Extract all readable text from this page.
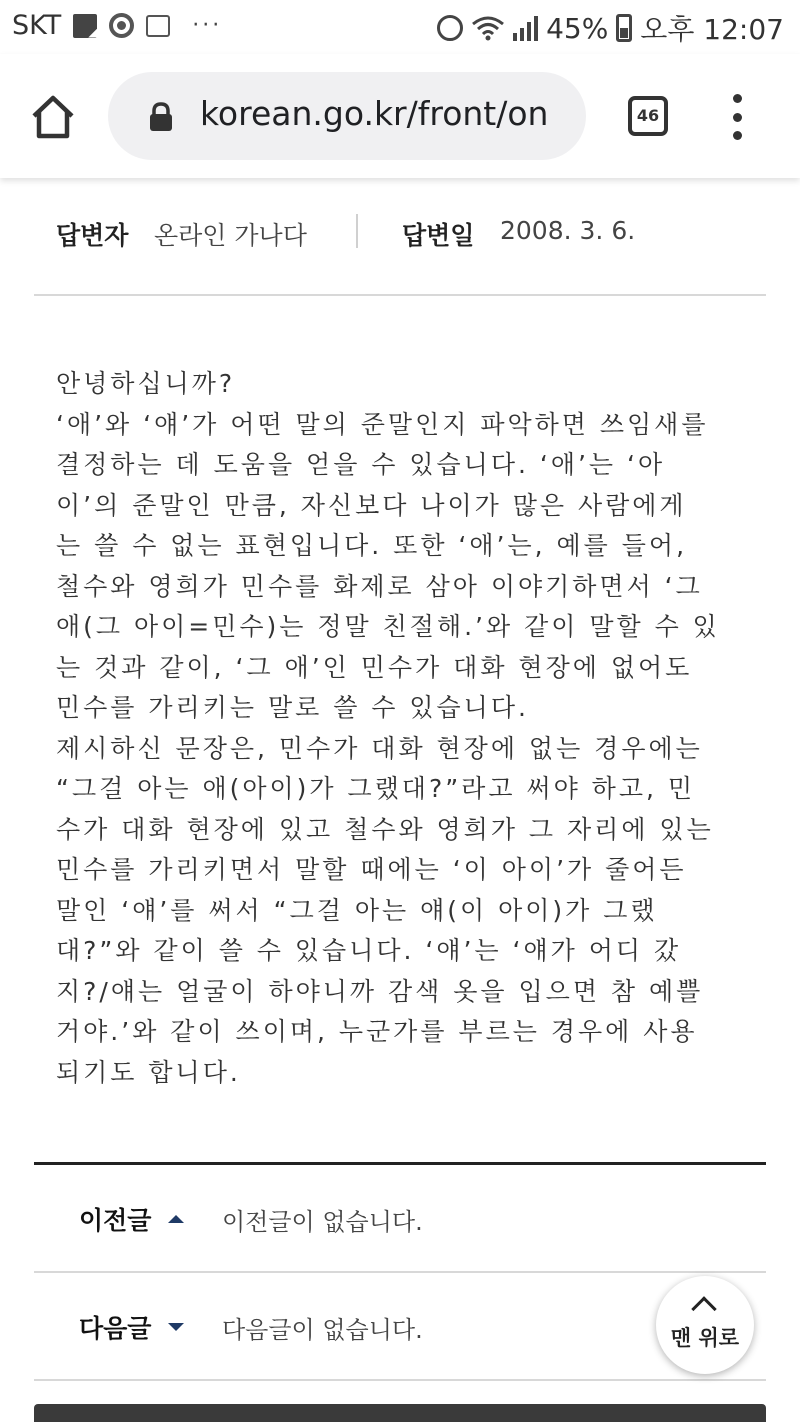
SKT	···	45% 오후 12:07
korean.go.kr/front/on	46
답변자 온라인 가나다	답변일 2008. 3. 6.

안녕하십니까?

‘애’와 ‘얘’가 어떤 말의 준말인지 파악하면 쓰임새를

결정하는 데 도움을 얻을 수 있습니다. ‘애’는 ‘아

이’의 준말인 만큼, 자신보다 나이가 많은 사람에게

는 쓸 수 없는 표현입니다. 또한 ‘애’는, 예를 들어,

철수와 영희가 민수를 화제로 삼아 이야기하면서 ‘그

애(그 아이=민수)는 정말 친절해.’와 같이 말할 수 있

는 것과 같이, ‘그 애’인 민수가 대화 현장에 없어도

민수를 가리키는 말로 쓸 수 있습니다.

제시하신 문장은, 민수가 대화 현장에 없는 경우에는

“그걸 아는 애(아이)가 그랬대?”라고 써야 하고, 민

수가 대화 현장에 있고 철수와 영희가 그 자리에 있는

민수를 가리키면서 말할 때에는 ‘이 아이’가 줄어든

말인 ‘얘’를 써서 “그걸 아는 얘(이 아이)가 그랬

대?”와 같이 쓸 수 있습니다. ‘얘’는 ‘얘가 어디 갔

지?/얘는 얼굴이 하야니까 감색 옷을 입으면 참 예쁠

거야.’와 같이 쓰이며, 누군가를 부르는 경우에 사용

되기도 합니다.

이전글	이전글이 없습니다.
다음글	다음글이 없습니다.	맨 위로
